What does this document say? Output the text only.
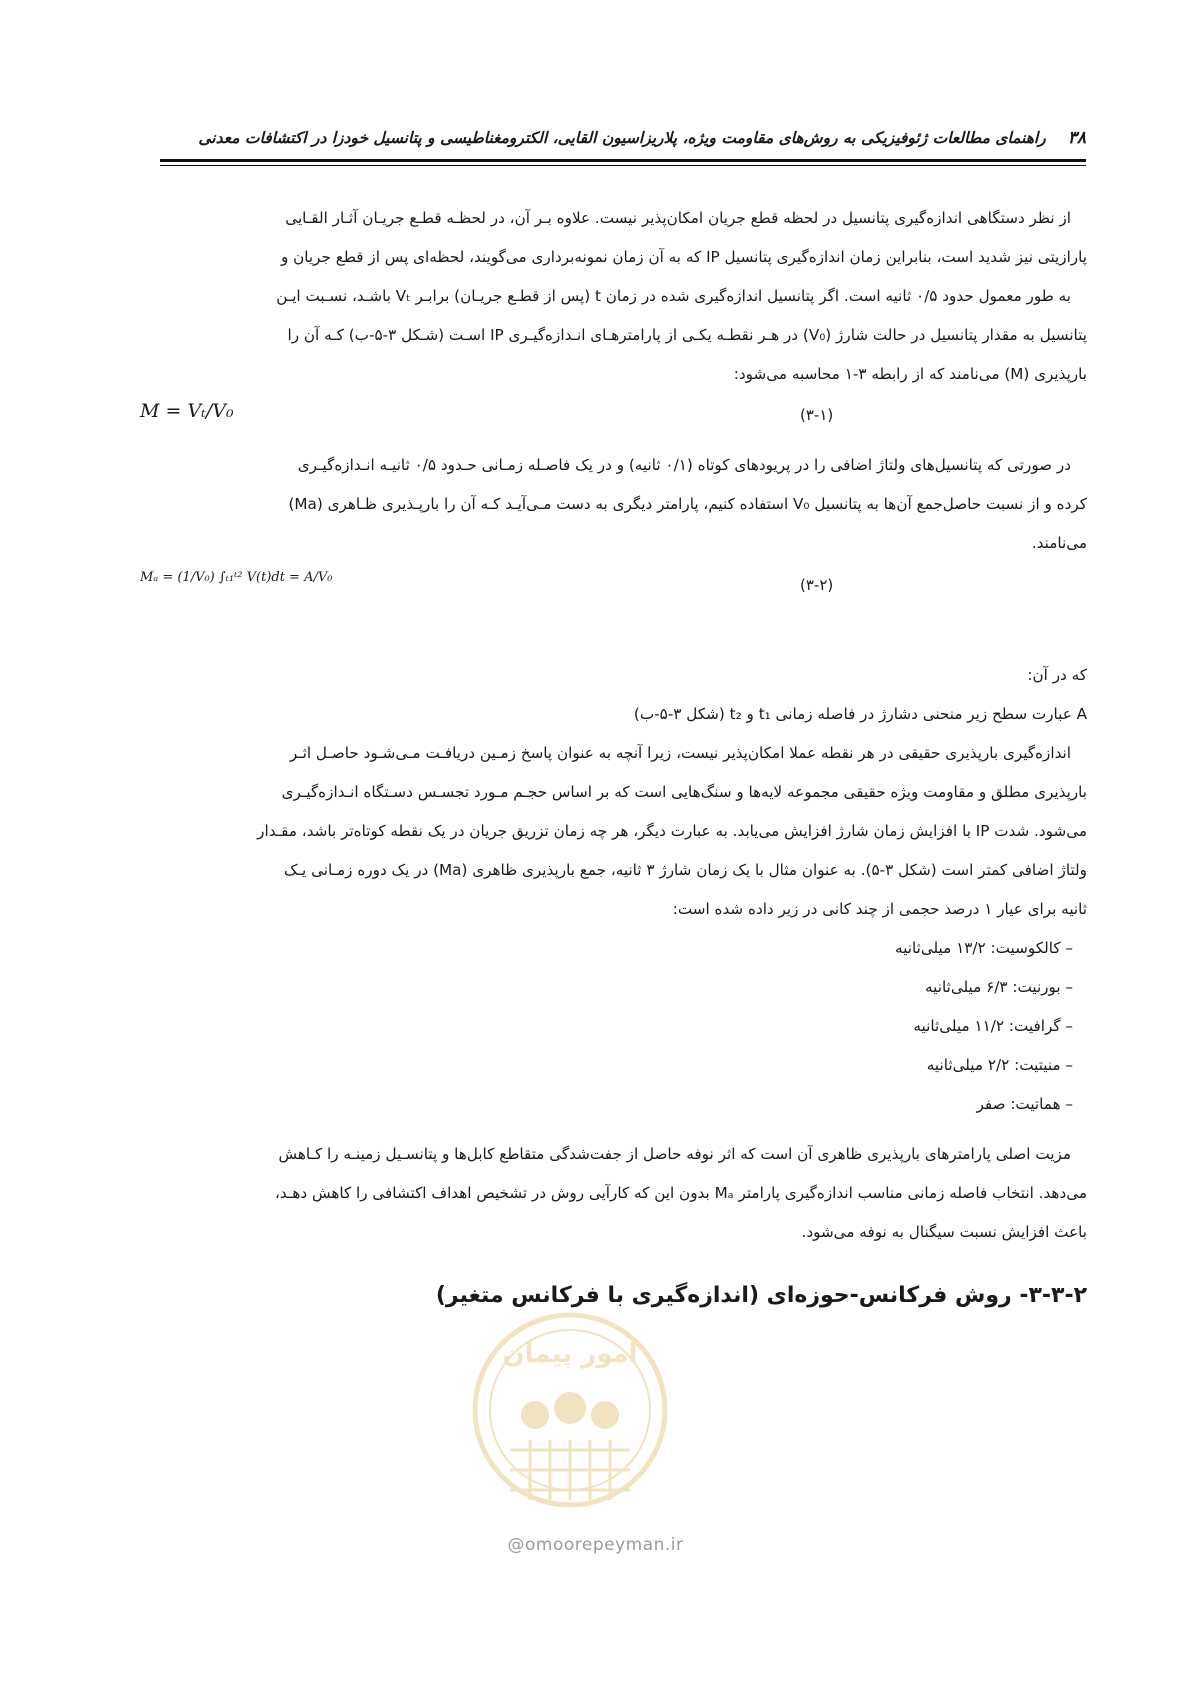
۳۸
راهنمای مطالعات ژئوفیزیکی به روش‌های مقاومت ویژه، پلاریزاسیون القایی، الکترومغناطیسی و پتانسیل خودزا در اکتشافات معدنی

از نظر دستگاهی اندازه‌گیری پتانسیل در لحظه قطع جریان امکان‌پذیر نیست. علاوه بـر آن، در لحظـه قطـع جریـان آثـار القـایی

پارازیتی نیز شدید است، بنابراین زمان اندازه‌گیری پتانسیل IP که به آن زمان نمونه‌برداری می‌گویند، لحظه‌ای پس از قطع جریان و

به طور معمول حدود ۰/۵ ثانیه است. اگر پتانسیل اندازه‌گیری شده در زمان t (پس از قطـع جریـان) برابـر Vₜ باشـد، نسـبت ایـن

پتانسیل به مقدار پتانسیل در حالت شارژ (V₀) در هـر نقطـه یکـی از پارامترهـای انـدازه‌گیـری IP اسـت (شـکل ۳-۵-ب) کـه آن را

بارپذیری (M) می‌نامند که از رابطه ۳-۱ محاسبه می‌شود:

M = Vₜ/V₀	(۳-۱)

در صورتی که پتانسیل‌های ولتاژ اضافی را در پریودهای کوتاه (۰/۱ ثانیه) و در یک فاصـله زمـانی حـدود ۰/۵ ثانیـه انـدازه‌گیـری

کرده و از نسبت حاصل‌جمع آن‌ها به پتانسیل V₀ استفاده کنیم، پارامتر دیگری به دست مـی‌آیـد کـه آن را بارپـذیری ظـاهری (Ma)

می‌نامند.

Mₐ = (1/V₀) ∫ₜ₁ᵗ² V(t)dt = A/V₀	(۳-۲)

که در آن:

A عبارت سطح زیر منحنی دشارژ در فاصله زمانی t₁ و t₂ (شکل ۳-۵-ب)

اندازه‌گیری بارپذیری حقیقی در هر نقطه عملا امکان‌پذیر نیست، زیرا آنچه به عنوان پاسخ زمـین دریافـت مـی‌شـود حاصـل اثـر

بارپذیری مطلق و مقاومت ویژه حقیقی مجموعه لایه‌ها و سنگ‌هایی است که بر اساس حجـم مـورد تجسـس دسـتگاه انـدازه‌گیـری

می‌شود. شدت IP با افزایش زمان شارژ افزایش می‌یابد. به عبارت دیگر، هر چه زمان تزریق جریان در یک نقطه کوتاه‌تر باشد، مقـدار

ولتاژ اضافی کمتر است (شکل ۳-۵). به عنوان مثال با یک زمان شارژ ۳ ثانیه، جمع بارپذیری ظاهری (Ma) در یک دوره زمـانی یـک

ثانیه برای عیار ۱ درصد حجمی از چند کانی در زیر داده شده است:

– کالکوسیت: ۱۳/۲ میلی‌ثانیه

– بورنیت: ۶/۳ میلی‌ثانیه

– گرافیت: ۱۱/۲ میلی‌ثانیه

– منیتیت: ۲/۲ میلی‌ثانیه

– هماتیت: صفر

مزیت اصلی پارامترهای بارپذیری ظاهری آن است که اثر نوفه حاصل از جفت‌شدگی متقاطع کابل‌ها و پتانسـیل زمینـه را کـاهش

می‌دهد. انتخاب فاصله زمانی مناسب اندازه‌گیری پارامتر Mₐ بدون این که کارآیی روش در تشخیص اهداف اکتشافی را کاهش دهـد،

باعث افزایش نسبت سیگنال به نوفه می‌شود.

۳-۳-۲- روش فرکانس-حوزه‌ای (اندازه‌گیری با فرکانس متغیر)
امور پیمان
@omoorepeyman.ir
